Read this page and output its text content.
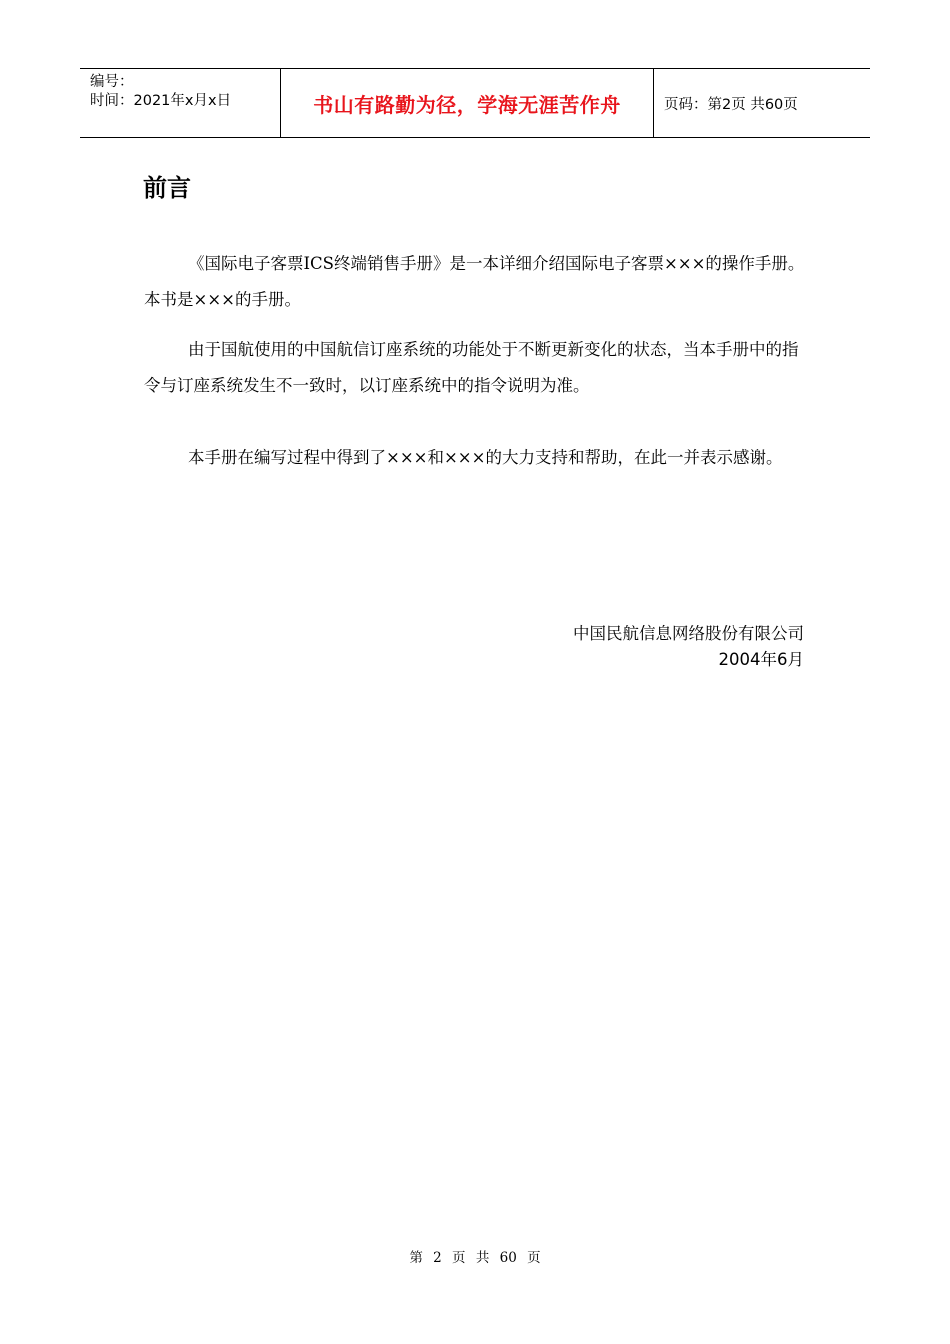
编号：
时间：2021年x月x日	书山有路勤为径，学海无涯苦作舟	页码：第2页 共60页
前言

《国际电子客票ICS终端销售手册》是一本详细介绍国际电子客票×××的操作手册。本书是×××的手册。

由于国航使用的中国航信订座系统的功能处于不断更新变化的状态，当本手册中的指令与订座系统发生不一致时，以订座系统中的指令说明为准。

本手册在编写过程中得到了×××和×××的大力支持和帮助，在此一并表示感谢。

中国民航信息网络股份有限公司
2004年6月
第 2 页 共 60 页
